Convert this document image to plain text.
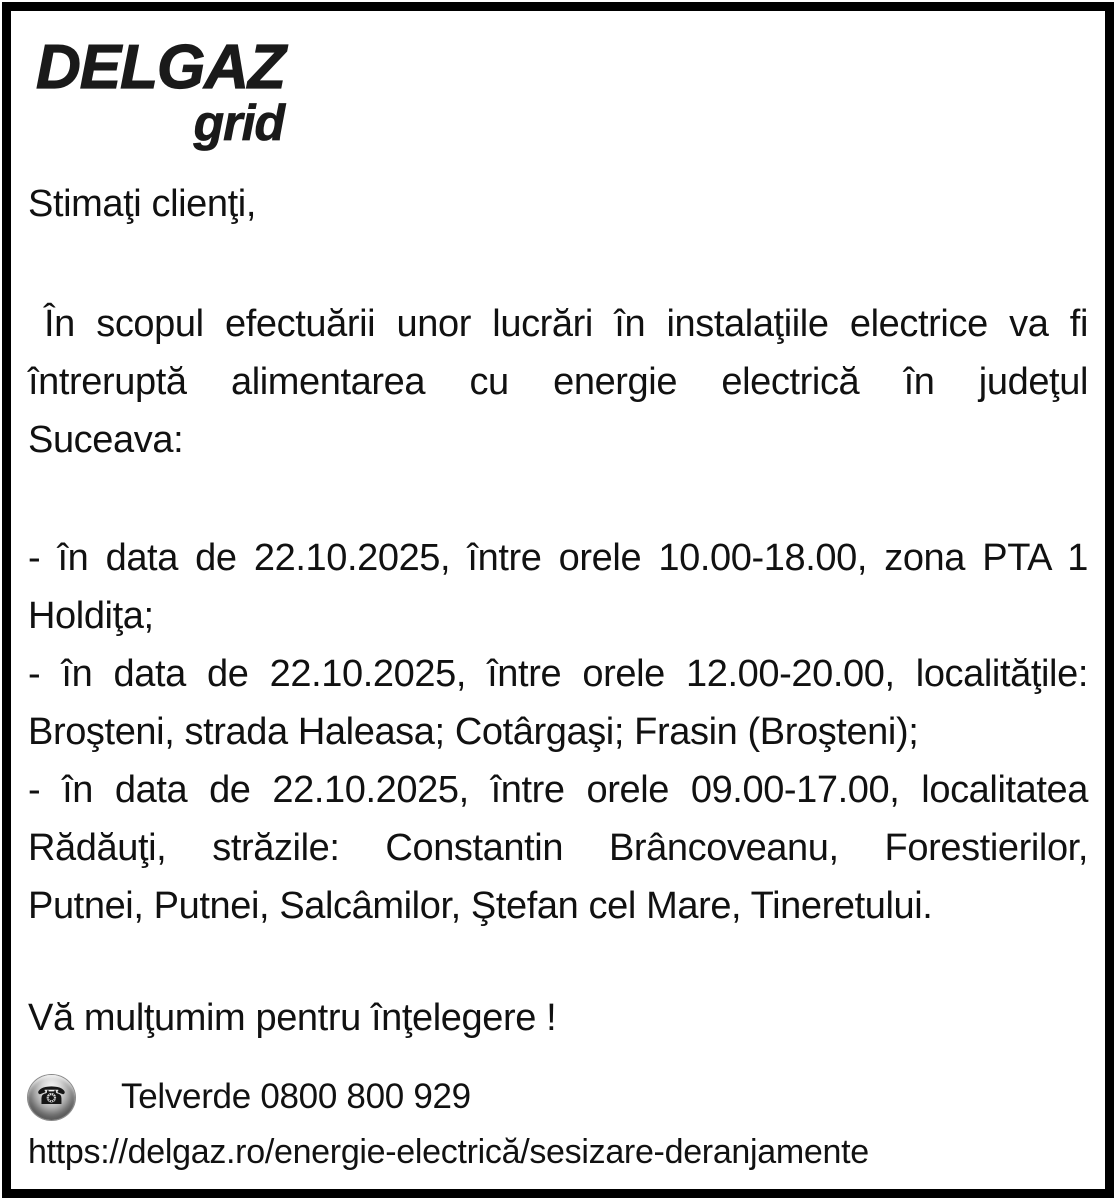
DELGAZ
grid

Stimaţi clienţi,

În scopul efectuării unor lucrări în instalaţiile electrice va fi
întreruptă alimentarea cu energie electrică în judeţul
Suceava:
- în data de 22.10.2025, între orele 10.00-18.00, zona PTA 1
Holdiţa;
- în data de 22.10.2025, între orele 12.00-20.00, localităţile:
Broşteni, strada Haleasa; Cotârgaşi; Frasin (Broşteni);
- în data de 22.10.2025, între orele 09.00-17.00, localitatea
Rădăuţi, străzile: Constantin Brâncoveanu, Forestierilor,
Putnei, Putnei, Salcâmilor, Ştefan cel Mare, Tineretului.

Vă mulţumim pentru înţelegere !

☎ Telverde 0800 800 929
https://delgaz.ro/energie-electrică/sesizare-deranjamente
